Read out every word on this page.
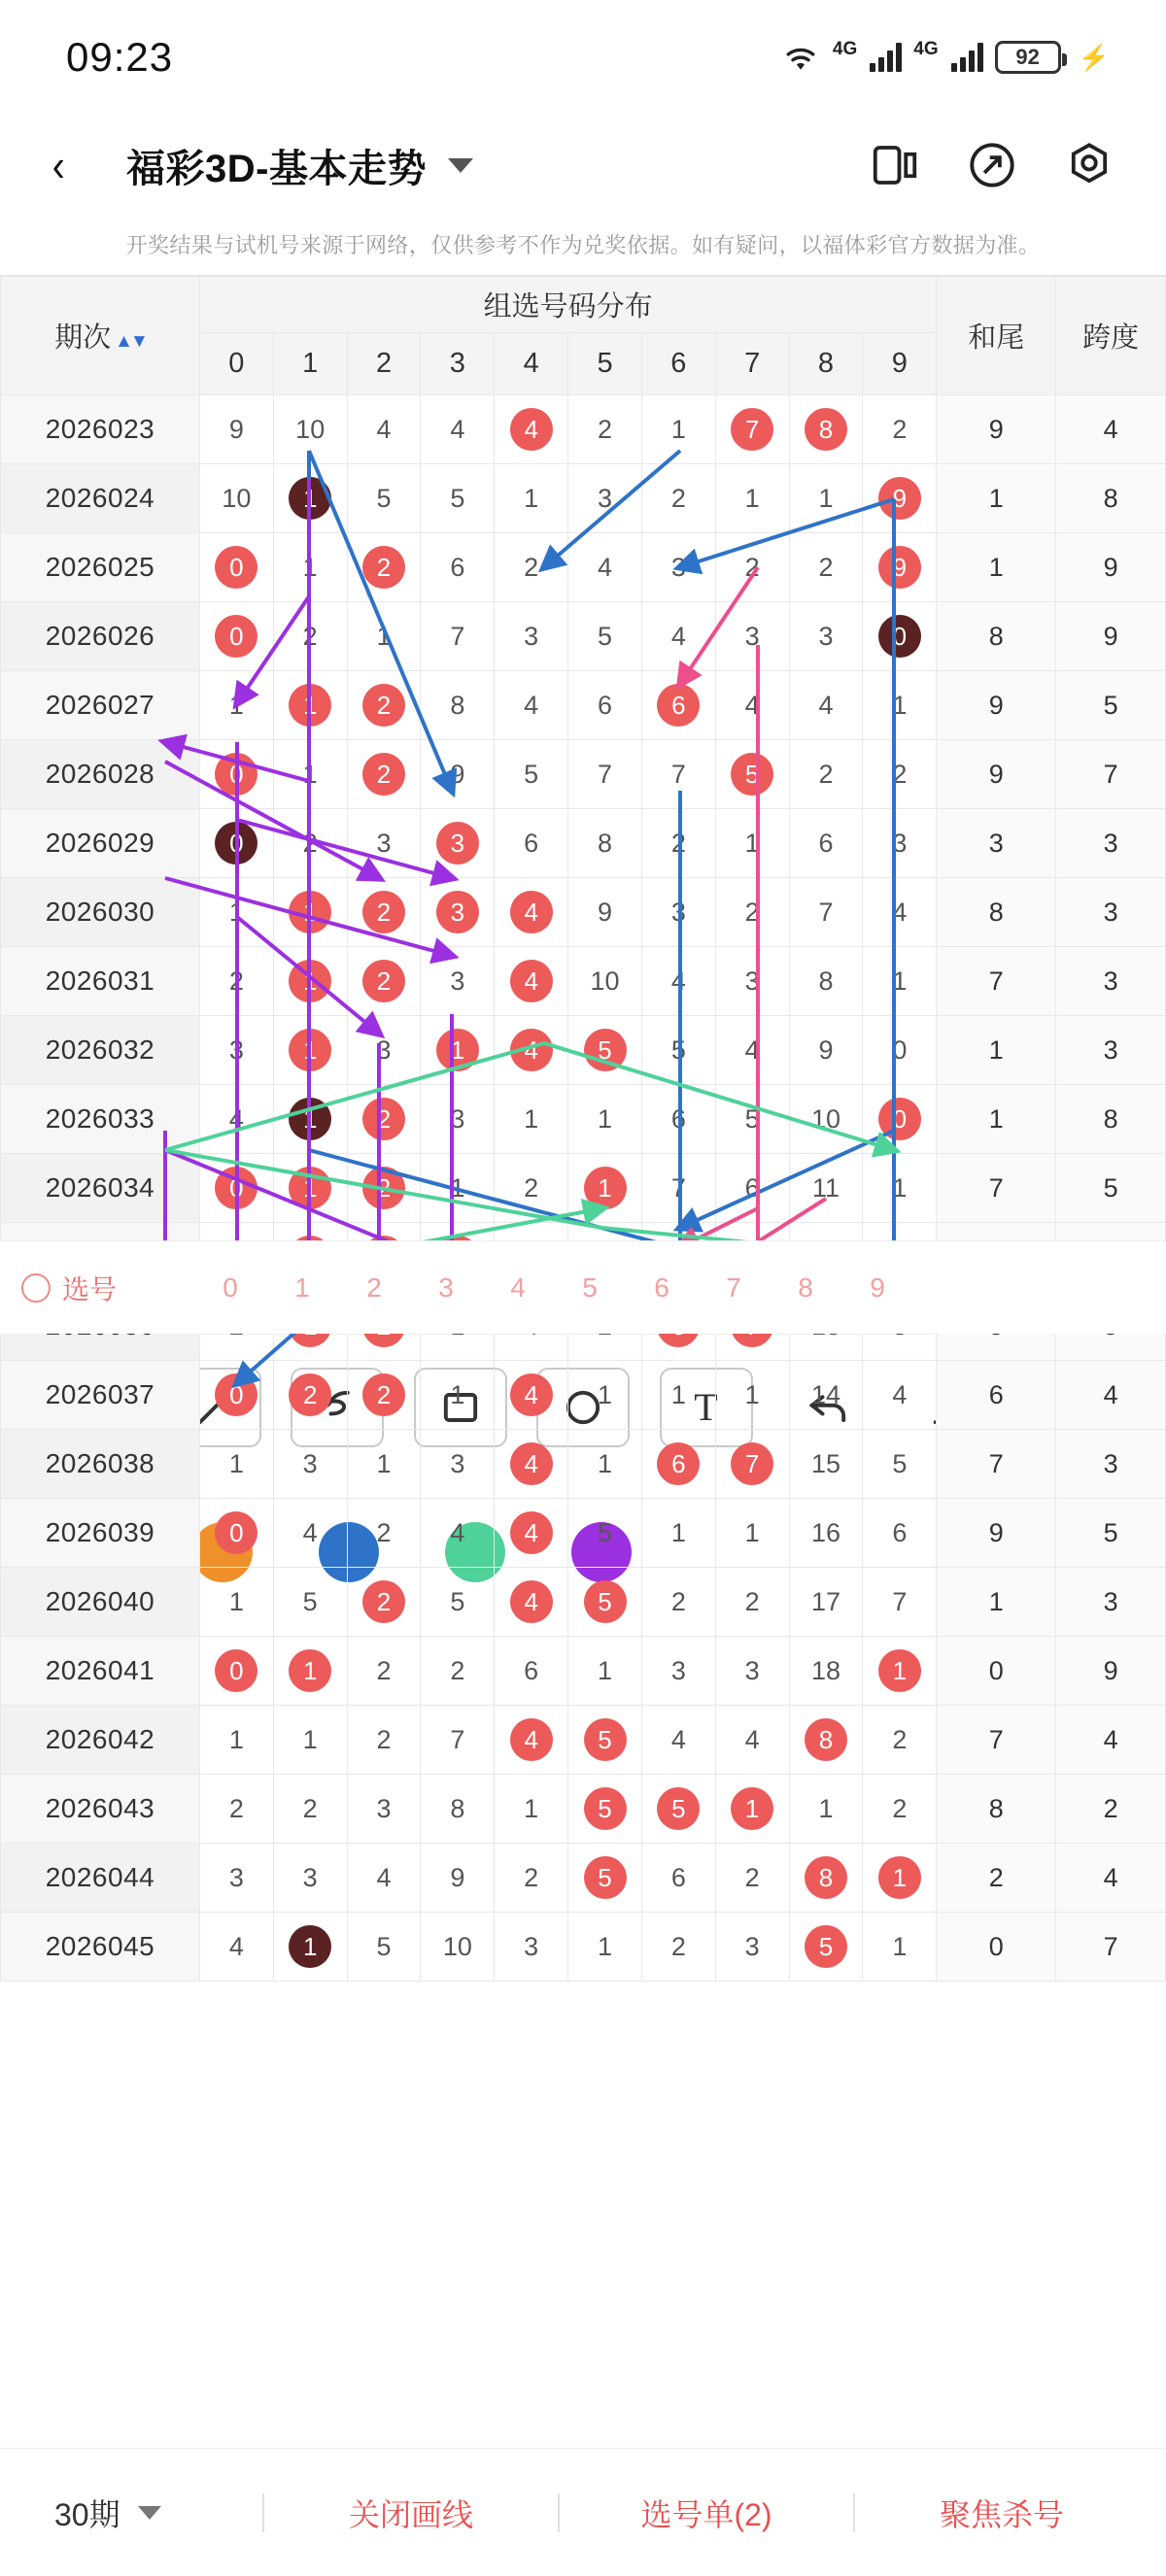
09:23	4G	4G	92 ⚡
‹	福彩3D-基本走势
开奖结果与试机号来源于网络，仅供参考不作为兑奖依据。如有疑问，以福体彩官方数据为准。
期次 ▲▼	组选号码分布										和尾	跨度
	0	1	2	3	4	5	6	7	8	9		
2026023	9	10	4	4	4	2	1	7	8	2	9	4
2026024	10	1	5	5	1	3	2	1	1	9	1	8
2026025	0	1	2	6	2	4	3	2	2	9	1	9
2026026	0	2	1	7	3	5	4	3	3	0	8	9
2026027	1	1	2	8	4	6	6	4	4	1	9	5
2026028	0	1	2	9	5	7	7	5	2	2	9	7
2026029	0	2	3	3	6	8	2	1	6	3	3	3
2026030	1	1	2	3	4	9	3	2	7	4	8	3
2026031	2	1	2	3	4	10	4	3	8	1	7	3
2026032	3	1	3	1	4	5	5	4	9	0	1	3
2026033	4	1	2	3	1	1	6	5	10	0	1	8
2026034	0	1	2	1	2	1	7	6	11	1	7	5

2026037	0	2	2	1	4	1	1	1	14	4	6	4
2026038	1	3	1	3	4	1	6	7	15	5	7	3
2026039	0	4	2	4	4	5	1	1	16	6	9	5
2026040	1	5	2	5	4	5	2	2	17	7	1	3
2026041	0	1	2	2	6	1	3	3	18	1	0	9
2026042	1	1	2	7	4	5	4	4	8	2	7	4
2026043	2	2	3	8	1	5	5	1	1	2	8	2
2026044	3	3	4	9	2	5	6	2	8	1	2	4
2026045	4	1	5	10	3	1	2	3	5	1	0	7
选号	0	1	2	3	4	5	6	7	8	9
T
30期	关闭画线	选号单(2)	聚焦杀号
